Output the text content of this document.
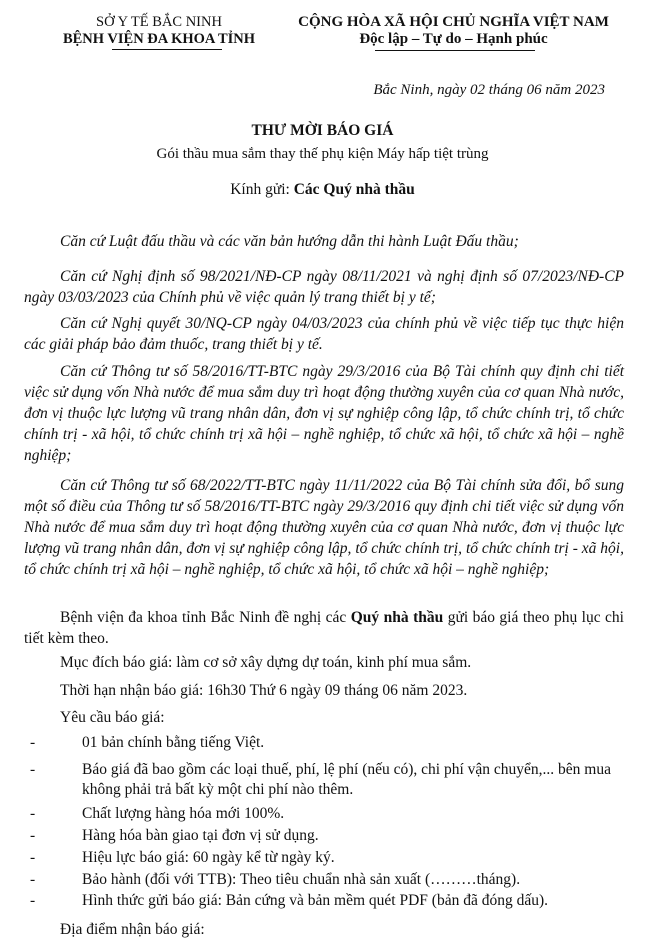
SỞ Y TẾ BẮC NINH
BỆNH VIỆN ĐA KHOA TỈNH
CỘNG HÒA XÃ HỘI CHỦ NGHĨA VIỆT NAM
Độc lập – Tự do – Hạnh phúc
Bắc Ninh, ngày 02 tháng 06 năm 2023
THƯ MỜI BÁO GIÁ
Gói thầu mua sắm thay thế phụ kiện Máy hấp tiệt trùng
Kính gửi: Các Quý nhà thầu
Căn cứ Luật đấu thầu và các văn bản hướng dẫn thi hành Luật Đấu thầu;
Căn cứ Nghị định số 98/2021/NĐ-CP ngày 08/11/2021 và nghị định số 07/2023/NĐ-CP ngày 03/03/2023 của Chính phủ về việc quản lý trang thiết bị y tế;
Căn cứ Nghị quyết 30/NQ-CP ngày 04/03/2023 của chính phủ về việc tiếp tục thực hiện các giải pháp bảo đảm thuốc, trang thiết bị y tế.
Căn cứ Thông tư số 58/2016/TT-BTC ngày 29/3/2016 của Bộ Tài chính quy định chi tiết việc sử dụng vốn Nhà nước để mua sắm duy trì hoạt động thường xuyên của cơ quan Nhà nước, đơn vị thuộc lực lượng vũ trang nhân dân, đơn vị sự nghiệp công lập, tổ chức chính trị, tổ chức chính trị - xã hội, tổ chức chính trị xã hội – nghề nghiệp, tổ chức xã hội, tổ chức xã hội – nghề nghiệp;
Căn cứ Thông tư số 68/2022/TT-BTC ngày 11/11/2022 của Bộ Tài chính sửa đổi, bổ sung một số điều của Thông tư số 58/2016/TT-BTC ngày 29/3/2016 quy định chi tiết việc sử dụng vốn Nhà nước để mua sắm duy trì hoạt động thường xuyên của cơ quan Nhà nước, đơn vị thuộc lực lượng vũ trang nhân dân, đơn vị sự nghiệp công lập, tổ chức chính trị, tổ chức chính trị - xã hội, tổ chức chính trị xã hội – nghề nghiệp, tổ chức xã hội, tổ chức xã hội – nghề nghiệp;
Bệnh viện đa khoa tỉnh Bắc Ninh đề nghị các Quý nhà thầu gửi báo giá theo phụ lục chi tiết kèm theo.
Mục đích báo giá: làm cơ sở xây dựng dự toán, kinh phí mua sắm.
Thời hạn nhận báo giá: 16h30 Thứ 6 ngày 09 tháng 06 năm 2023.
Yêu cầu báo giá:
-	01 bản chính bằng tiếng Việt.
-	Báo giá đã bao gồm các loại thuế, phí, lệ phí (nếu có), chi phí vận chuyển,... bên mua không phải trả bất kỳ một chi phí nào thêm.
-	Chất lượng hàng hóa mới 100%.
-	Hàng hóa bàn giao tại đơn vị sử dụng.
-	Hiệu lực báo giá: 60 ngày kể từ ngày ký.
-	Bảo hành (đối với TTB): Theo tiêu chuẩn nhà sản xuất (………tháng).
-	Hình thức gửi báo giá: Bản cứng và bản mềm quét PDF (bản đã đóng dấu).
Địa điểm nhận báo giá:
